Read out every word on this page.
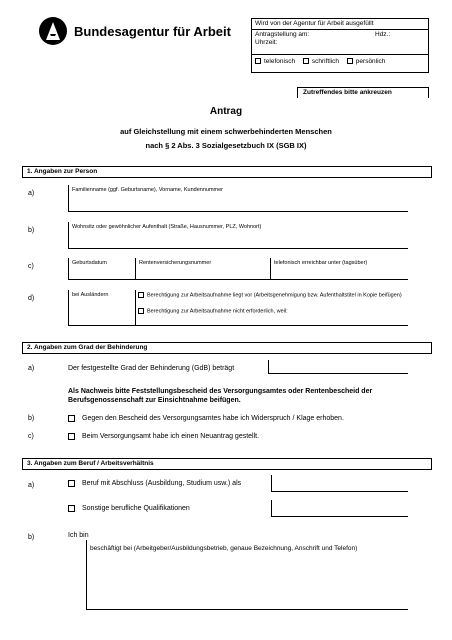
Bundesagentur für Arbeit
Wird von der Agentur für Arbeit ausgefüllt
Antragstellung am:	Hdz.:
Uhrzeit:
telefonisch	schriftlich	persönlich
Zutreffendes bitte ankreuzen
Antrag
auf Gleichstellung mit einem schwerbehinderten Menschen
nach § 2 Abs. 3 Sozialgesetzbuch IX (SGB IX)
1. Angaben zur Person
a)	Familienname (ggf. Geburtsname), Vorname, Kundennummer
b)	Wohnsitz oder gewöhnlicher Aufenthalt (Straße, Hausnummer, PLZ, Wohnort)
c)	Geburtsdatum	Rentenversicherungsnummer	telefonisch erreichbar unter (tagsüber)
d)	bei Ausländern	Berechtigung zur Arbeitsaufnahme liegt vor (Arbeitsgenehmigung bzw. Aufenthaltstitel in Kopie beifügen)
Berechtigung zur Arbeitsaufnahme nicht erforderlich, weil:
2. Angaben zum Grad der Behinderung
a)	Der festgestellte Grad der Behinderung (GdB) beträgt
Als Nachweis bitte Feststellungsbescheid des Versorgungsamtes oder Rentenbescheid der
Berufsgenossenschaft zur Einsichtnahme beifügen.
b)	Gegen den Bescheid des Versorgungsamtes habe ich Widerspruch / Klage erhoben.
c)	Beim Versorgungsamt habe ich einen Neuantrag gestellt.
3. Angaben zum Beruf / Arbeitsverhältnis
a)	Beruf mit Abschluss (Ausbildung, Studium usw.) als
Sonstige berufliche Qualifikationen
b)	Ich bin
beschäftigt bei (Arbeitgeber/Ausbildungsbetrieb, genaue Bezeichnung, Anschrift und Telefon)
